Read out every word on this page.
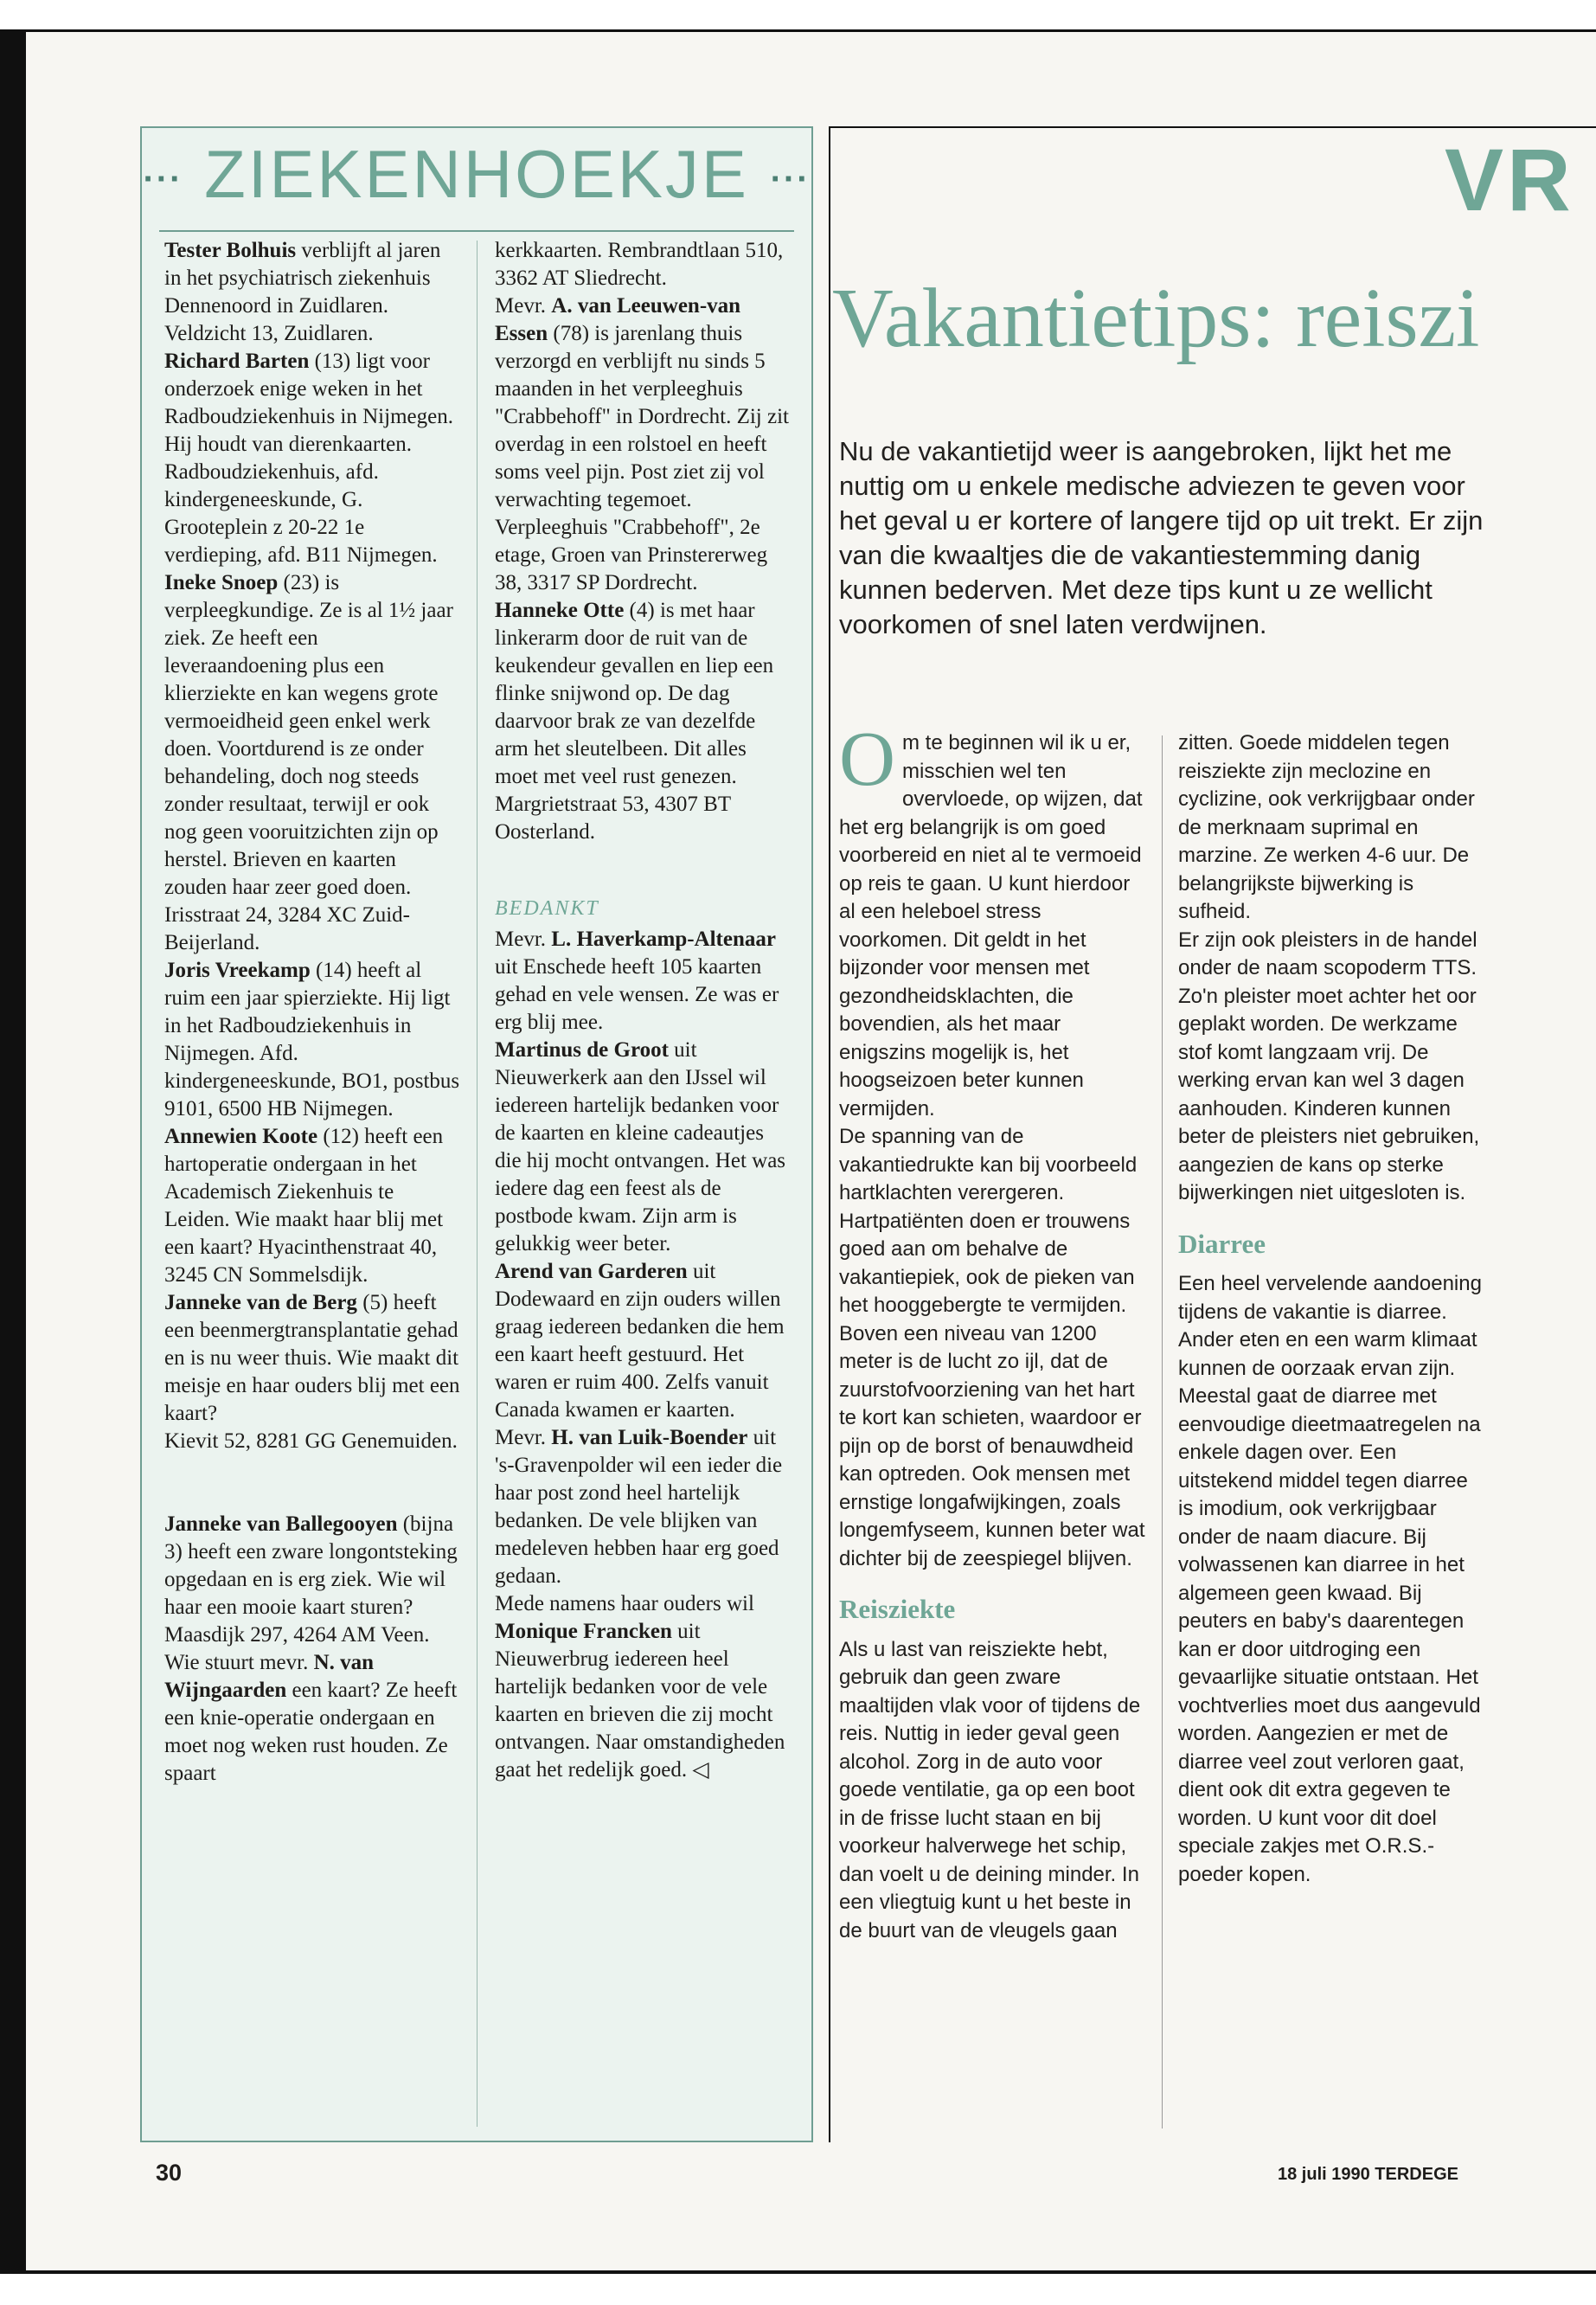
··· ZIEKENHOEKJE ···

Tester Bolhuis verblijft al jaren in het psychiatrisch ziekenhuis Dennenoord in Zuidlaren. Veldzicht 13, Zuidlaren.

Richard Barten (13) ligt voor onderzoek enige weken in het Radboudziekenhuis in Nijmegen. Hij houdt van dierenkaarten. Radboudziekenhuis, afd. kindergeneeskunde, G. Grooteplein z 20-22 1e verdieping, afd. B11 Nijmegen.

Ineke Snoep (23) is verpleegkundige. Ze is al 1½ jaar ziek. Ze heeft een leveraandoening plus een klierziekte en kan wegens grote vermoeidheid geen enkel werk doen. Voortdurend is ze onder behandeling, doch nog steeds zonder resultaat, terwijl er ook nog geen vooruitzichten zijn op herstel. Brieven en kaarten zouden haar zeer goed doen. Irisstraat 24, 3284 XC Zuid-Beijerland.

Joris Vreekamp (14) heeft al ruim een jaar spierziekte. Hij ligt in het Radboudziekenhuis in Nijmegen. Afd. kindergeneeskunde, BO1, postbus 9101, 6500 HB Nijmegen.

Annewien Koote (12) heeft een hartoperatie ondergaan in het Academisch Ziekenhuis te Leiden. Wie maakt haar blij met een kaart? Hyacinthenstraat 40, 3245 CN Sommelsdijk.

Janneke van de Berg (5) heeft een beenmergtransplantatie gehad en is nu weer thuis. Wie maakt dit meisje en haar ouders blij met een kaart?

Kievit 52, 8281 GG Genemuiden.

Janneke van Ballegooyen (bijna 3) heeft een zware longontsteking opgedaan en is erg ziek. Wie wil haar een mooie kaart sturen? Maasdijk 297, 4264 AM Veen.

Wie stuurt mevr. N. van Wijngaarden een kaart? Ze heeft een knie-operatie ondergaan en moet nog weken rust houden. Ze spaart

kerkkaarten. Rembrandtlaan 510, 3362 AT Sliedrecht.

Mevr. A. van Leeuwen-van Essen (78) is jarenlang thuis verzorgd en verblijft nu sinds 5 maanden in het verpleeghuis "Crabbehoff" in Dordrecht. Zij zit overdag in een rolstoel en heeft soms veel pijn. Post ziet zij vol verwachting tegemoet. Verpleeghuis "Crabbehoff", 2e etage, Groen van Prinstererweg 38, 3317 SP Dordrecht.

Hanneke Otte (4) is met haar linkerarm door de ruit van de keukendeur gevallen en liep een flinke snijwond op. De dag daarvoor brak ze van dezelfde arm het sleutelbeen. Dit alles moet met veel rust genezen. Margrietstraat 53, 4307 BT Oosterland.

BEDANKT

Mevr. L. Haverkamp-Altenaar uit Enschede heeft 105 kaarten gehad en vele wensen. Ze was er erg blij mee.

Martinus de Groot uit Nieuwerkerk aan den IJssel wil iedereen hartelijk bedanken voor de kaarten en kleine cadeautjes die hij mocht ontvangen. Het was iedere dag een feest als de postbode kwam. Zijn arm is gelukkig weer beter.

Arend van Garderen uit Dodewaard en zijn ouders willen graag iedereen bedanken die hem een kaart heeft gestuurd. Het waren er ruim 400. Zelfs vanuit Canada kwamen er kaarten.

Mevr. H. van Luik-Boender uit 's-Gravenpolder wil een ieder die haar post zond heel hartelijk bedanken. De vele blijken van medeleven hebben haar erg goed gedaan.

Mede namens haar ouders wil Monique Francken uit Nieuwerbrug iedereen heel hartelijk bedanken voor de vele kaarten en brieven die zij mocht ontvangen. Naar omstandigheden gaat het redelijk goed. ◁

VR
Vakantietips: reiszi
Nu de vakantietijd weer is aangebroken, lijkt het me nuttig om u enkele medische adviezen te geven voor het geval u er kortere of langere tijd op uit trekt. Er zijn van die kwaaltjes die de vakantiestemming danig kunnen bederven. Met deze tips kunt u ze wellicht voorkomen of snel laten verdwijnen.

Om te beginnen wil ik u er, misschien wel ten overvloede, op wijzen, dat het erg belangrijk is om goed voorbereid en niet al te vermoeid op reis te gaan. U kunt hierdoor al een heleboel stress voorkomen. Dit geldt in het bijzonder voor mensen met gezondheidsklachten, die bovendien, als het maar enigszins mogelijk is, het hoogseizoen beter kunnen vermijden.

De spanning van de vakantiedrukte kan bij voorbeeld hartklachten verergeren. Hartpatiënten doen er trouwens goed aan om behalve de vakantiepiek, ook de pieken van het hooggebergte te vermijden. Boven een niveau van 1200 meter is de lucht zo ijl, dat de zuurstofvoorziening van het hart te kort kan schieten, waardoor er pijn op de borst of benauwdheid kan optreden. Ook mensen met ernstige longafwijkingen, zoals longemfyseem, kunnen beter wat dichter bij de zeespiegel blijven.

Reisziekte

Als u last van reisziekte hebt, gebruik dan geen zware maaltijden vlak voor of tijdens de reis. Nuttig in ieder geval geen alcohol. Zorg in de auto voor goede ventilatie, ga op een boot in de frisse lucht staan en bij voorkeur halverwege het schip, dan voelt u de deining minder. In een vliegtuig kunt u het beste in de buurt van de vleugels gaan

zitten. Goede middelen tegen reisziekte zijn meclozine en cyclizine, ook verkrijgbaar onder de merknaam suprimal en marzine. Ze werken 4-6 uur. De belangrijkste bijwerking is sufheid.

Er zijn ook pleisters in de handel onder de naam scopoderm TTS. Zo'n pleister moet achter het oor geplakt worden. De werkzame stof komt langzaam vrij. De werking ervan kan wel 3 dagen aanhouden. Kinderen kunnen beter de pleisters niet gebruiken, aangezien de kans op sterke bijwerkingen niet uitgesloten is.

Diarree

Een heel vervelende aandoening tijdens de vakantie is diarree. Ander eten en een warm klimaat kunnen de oorzaak ervan zijn.

Meestal gaat de diarree met eenvoudige dieetmaatregelen na enkele dagen over. Een uitstekend middel tegen diarree is imodium, ook verkrijgbaar onder de naam diacure. Bij volwassenen kan diarree in het algemeen geen kwaad. Bij peuters en baby's daarentegen kan er door uitdroging een gevaarlijke situatie ontstaan. Het vochtverlies moet dus aangevuld worden. Aangezien er met de diarree veel zout verloren gaat, dient ook dit extra gegeven te worden. U kunt voor dit doel speciale zakjes met O.R.S.-poeder kopen.

30	18 juli 1990 TERDEGE
